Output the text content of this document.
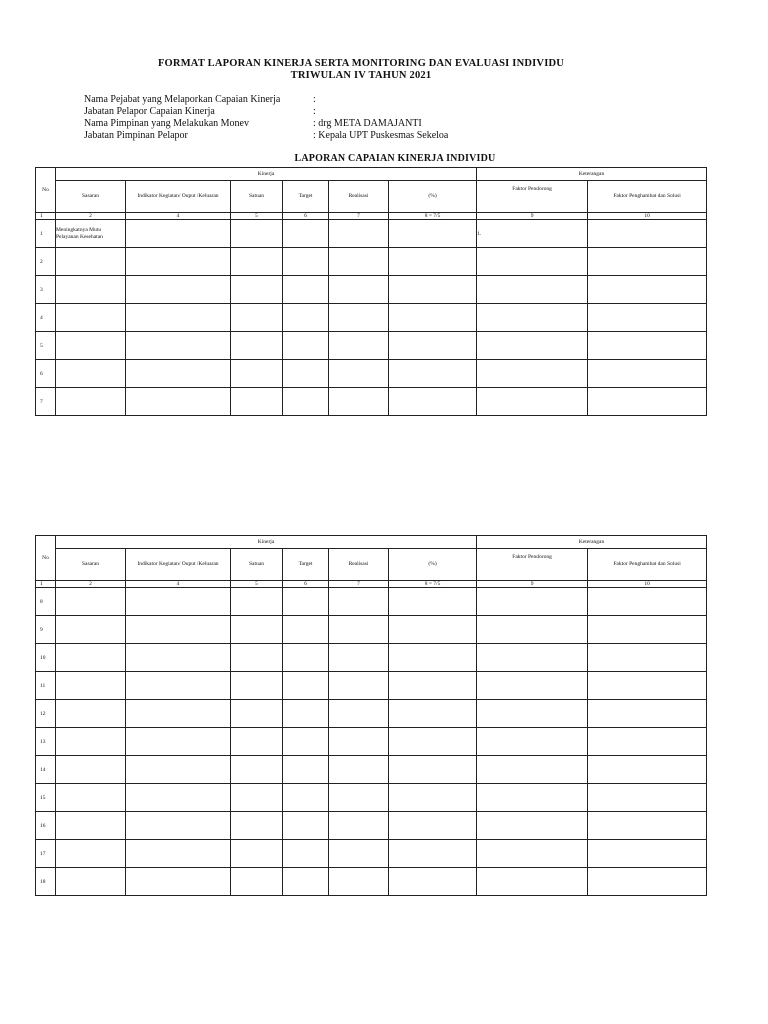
FORMAT LAPORAN KINERJA SERTA MONITORING DAN EVALUASI INDIVIDU
TRIWULAN IV TAHUN 2021
Nama Pejabat yang Melaporkan Capaian Kinerja	:
Jabatan Pelapor Capaian Kinerja	:
Nama Pimpinan yang Melakukan Monev	: drg META DAMAJANTI
Jabatan Pimpinan Pelapor	: Kepala UPT Puskesmas Sekeloa
LAPORAN CAPAIAN KINERJA INDIVIDU
No	Kinerja						Keterangan	
	Sasaran	Indikator Kegiatan/ Ouput /Keluaran	Satuan	Target	Realisasi	(%)	Faktor Pendorong	Faktor Penghambat dan Solusi
1	2	4	5	6	7	8 = 7/5	9	10
1	Meningkatnya Mutu Pelayanan Kesehatan						1.	
2								
3								
4								
5								
6								
7								
No	Kinerja						Keterangan	
	Sasaran	Indikator Kegiatan/ Ouput /Keluaran	Satuan	Target	Realisasi	(%)	Faktor Pendorong	Faktor Penghambat dan Solusi
1	2	4	5	6	7	8 = 7/5	9	10
8								
9								
10								
11								
12								
13								
14								
15								
16								
17								
18								
